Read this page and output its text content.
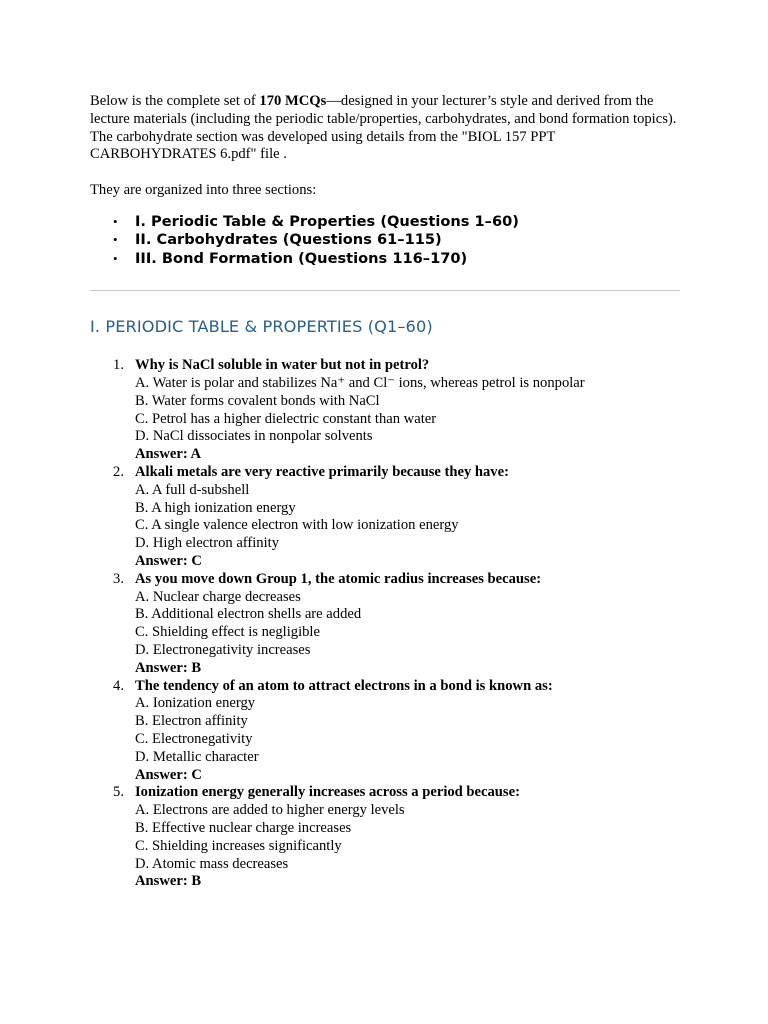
Below is the complete set of 170 MCQs—designed in your lecturer’s style and derived from the lecture materials (including the periodic table/properties, carbohydrates, and bond formation topics). The carbohydrate section was developed using details from the "BIOL 157 PPT CARBOHYDRATES 6.pdf" file .

They are organized into three sections:

• I. Periodic Table & Properties (Questions 1–60)
• II. Carbohydrates (Questions 61–115)
• III. Bond Formation (Questions 116–170)
I. PERIODIC TABLE & PROPERTIES (Q1–60)
1. Why is NaCl soluble in water but not in petrol?
A. Water is polar and stabilizes Na⁺ and Cl⁻ ions, whereas petrol is nonpolar
B. Water forms covalent bonds with NaCl
C. Petrol has a higher dielectric constant than water
D. NaCl dissociates in nonpolar solvents
Answer: A
2. Alkali metals are very reactive primarily because they have:
A. A full d-subshell
B. A high ionization energy
C. A single valence electron with low ionization energy
D. High electron affinity
Answer: C
3. As you move down Group 1, the atomic radius increases because:
A. Nuclear charge decreases
B. Additional electron shells are added
C. Shielding effect is negligible
D. Electronegativity increases
Answer: B
4. The tendency of an atom to attract electrons in a bond is known as:
A. Ionization energy
B. Electron affinity
C. Electronegativity
D. Metallic character
Answer: C
5. Ionization energy generally increases across a period because:
A. Electrons are added to higher energy levels
B. Effective nuclear charge increases
C. Shielding increases significantly
D. Atomic mass decreases
Answer: B
